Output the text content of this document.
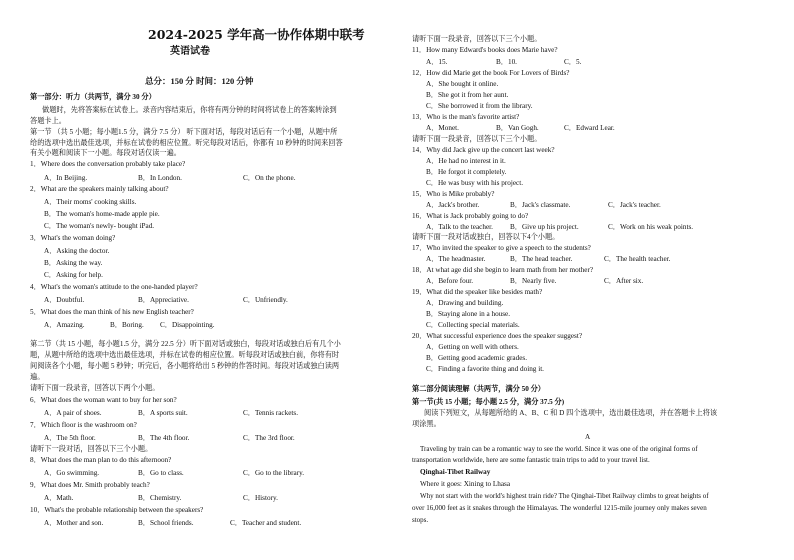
2024-2025 学年高一协作体期中联考
英语试卷
总分：150 分 时间：120 分钟
第一部分：听力（共两节，满分 30 分）
做题时，先将答案标在试卷上。录音内容结束后，你将有两分钟的时间将试卷上的答案转涂到
答题卡上。
第一节 （共 5 小题；每小题1.5 分，满分 7.5 分） 听下面对话，每段对话后有一个小题，从题中所
给的选项中选出最佳选项，并标在试卷的相应位置。听完每段对话后，你都有 10 秒钟的时间来回答
有关小题和阅读下一小题。每段对话仅读一遍。
1．Where does the conversation probably take place?
A．In Beijing.	B．In London.	C．On the phone.
2．What are the speakers mainly talking about?
A．Their moms' cooking skills.
B．The woman's home-made apple pie.
C．The woman's newly- bought iPad.
3．What's the woman doing?
A．Asking the doctor.
B．Asking the way.
C．Asking for help.
4．What's the woman's attitude to the one-handed player?
A．Doubtful.	B．Appreciative.	C．Unfriendly.
5．What does the man think of his new English teacher?
A．Amazing.	B．Boring. C．Disappointing.
第二节（共 15 小题，每小题1.5 分，满分 22.5 分）听下面对话或独白，每段对话或独白后有几个小
题，从题中所给的选项中选出最佳选项，并标在试卷的相应位置。听每段对话或独白前，你将有时
间阅读各个小题，每小题 5 秒钟；听完后，各小题将给出 5 秒钟的作答时间。每段对话或独白读两
遍。
请听下面一段录音，回答以下两个小题。
6．What does the woman want to buy for her son?
A．A pair of shoes.	B．A sports suit.	C．Tennis rackets.
7．Which floor is the washroom on?
A．The 5th floor.	B．The 4th floor.	C．The 3rd floor.
请听下一段对话，回答以下三个小题。
8．What does the man plan to do this afternoon?
A．Go swimming.	B．Go to class.	C．Go to the library.
9．What does Mr. Smith probably teach?
A．Math.	B．Chemistry.	C．History.
10．What's the probable relationship between the speakers?
A．Mother and son.	B．School friends.	C．Teacher and student.
请听下面一段录音，回答以下三个小题。
11．How many Edward's books does Marie have?
A．15.	B．10.	C．5.
12．How did Marie get the book For Lovers of Birds?
A．She bought it online.
B．She got it from her aunt.
C．She borrowed it from the library.
13．Who is the man's favorite artist?
A．Monet.	B．Van Gogh.	C．Edward Lear.
请听下面一段录音，回答以下三个小题。
14．Why did Jack give up the concert last week?
A．He had no interest in it.
B．He forgot it completely.
C．He was busy with his project.
15．Who is Mike probably?
A．Jack's brother.	B．Jack's classmate.	C．Jack's teacher.
16．What is Jack probably going to do?
A．Talk to the teacher. B．Give up his project.	C．Work on his weak points.
请听下面一段对话或独白，回答以下4个小题。
17．Who invited the speaker to give a speech to the students?
A．The headmaster.	B．The head teacher.	C．The health teacher.
18．At what age did she begin to learn math from her mother?
A．Before four.	B．Nearly five.	C．After six.
19．What did the speaker like besides math?
A．Drawing and building.
B．Staying alone in a house.
C．Collecting special materials.
20．What successful experience does the speaker suggest?
A．Getting on well with others.
B．Getting good academic grades.
C．Finding a favorite thing and doing it.
第二部分阅读理解（共两节，满分 50 分）
第一节(共 15 小题；每小题 2.5 分，满分 37.5 分)
阅读下列短文，从每题所给的 A、B、C 和 D 四个选项中，选出最佳选项，并在答题卡上将该
项涂黑。
A
Traveling by train can be a romantic way to see the world. Since it was one of the original forms of
transportation worldwide, here are some fantastic train trips to add to your travel list.
Qinghai-Tibet Railway
Where it goes: Xining to Lhasa
Why not start with the world's highest train ride? The Qinghai-Tibet Railway climbs to great heights of
over 16,000 feet as it snakes through the Himalayas. The wonderful 1215-mile journey only makes seven
stops.
